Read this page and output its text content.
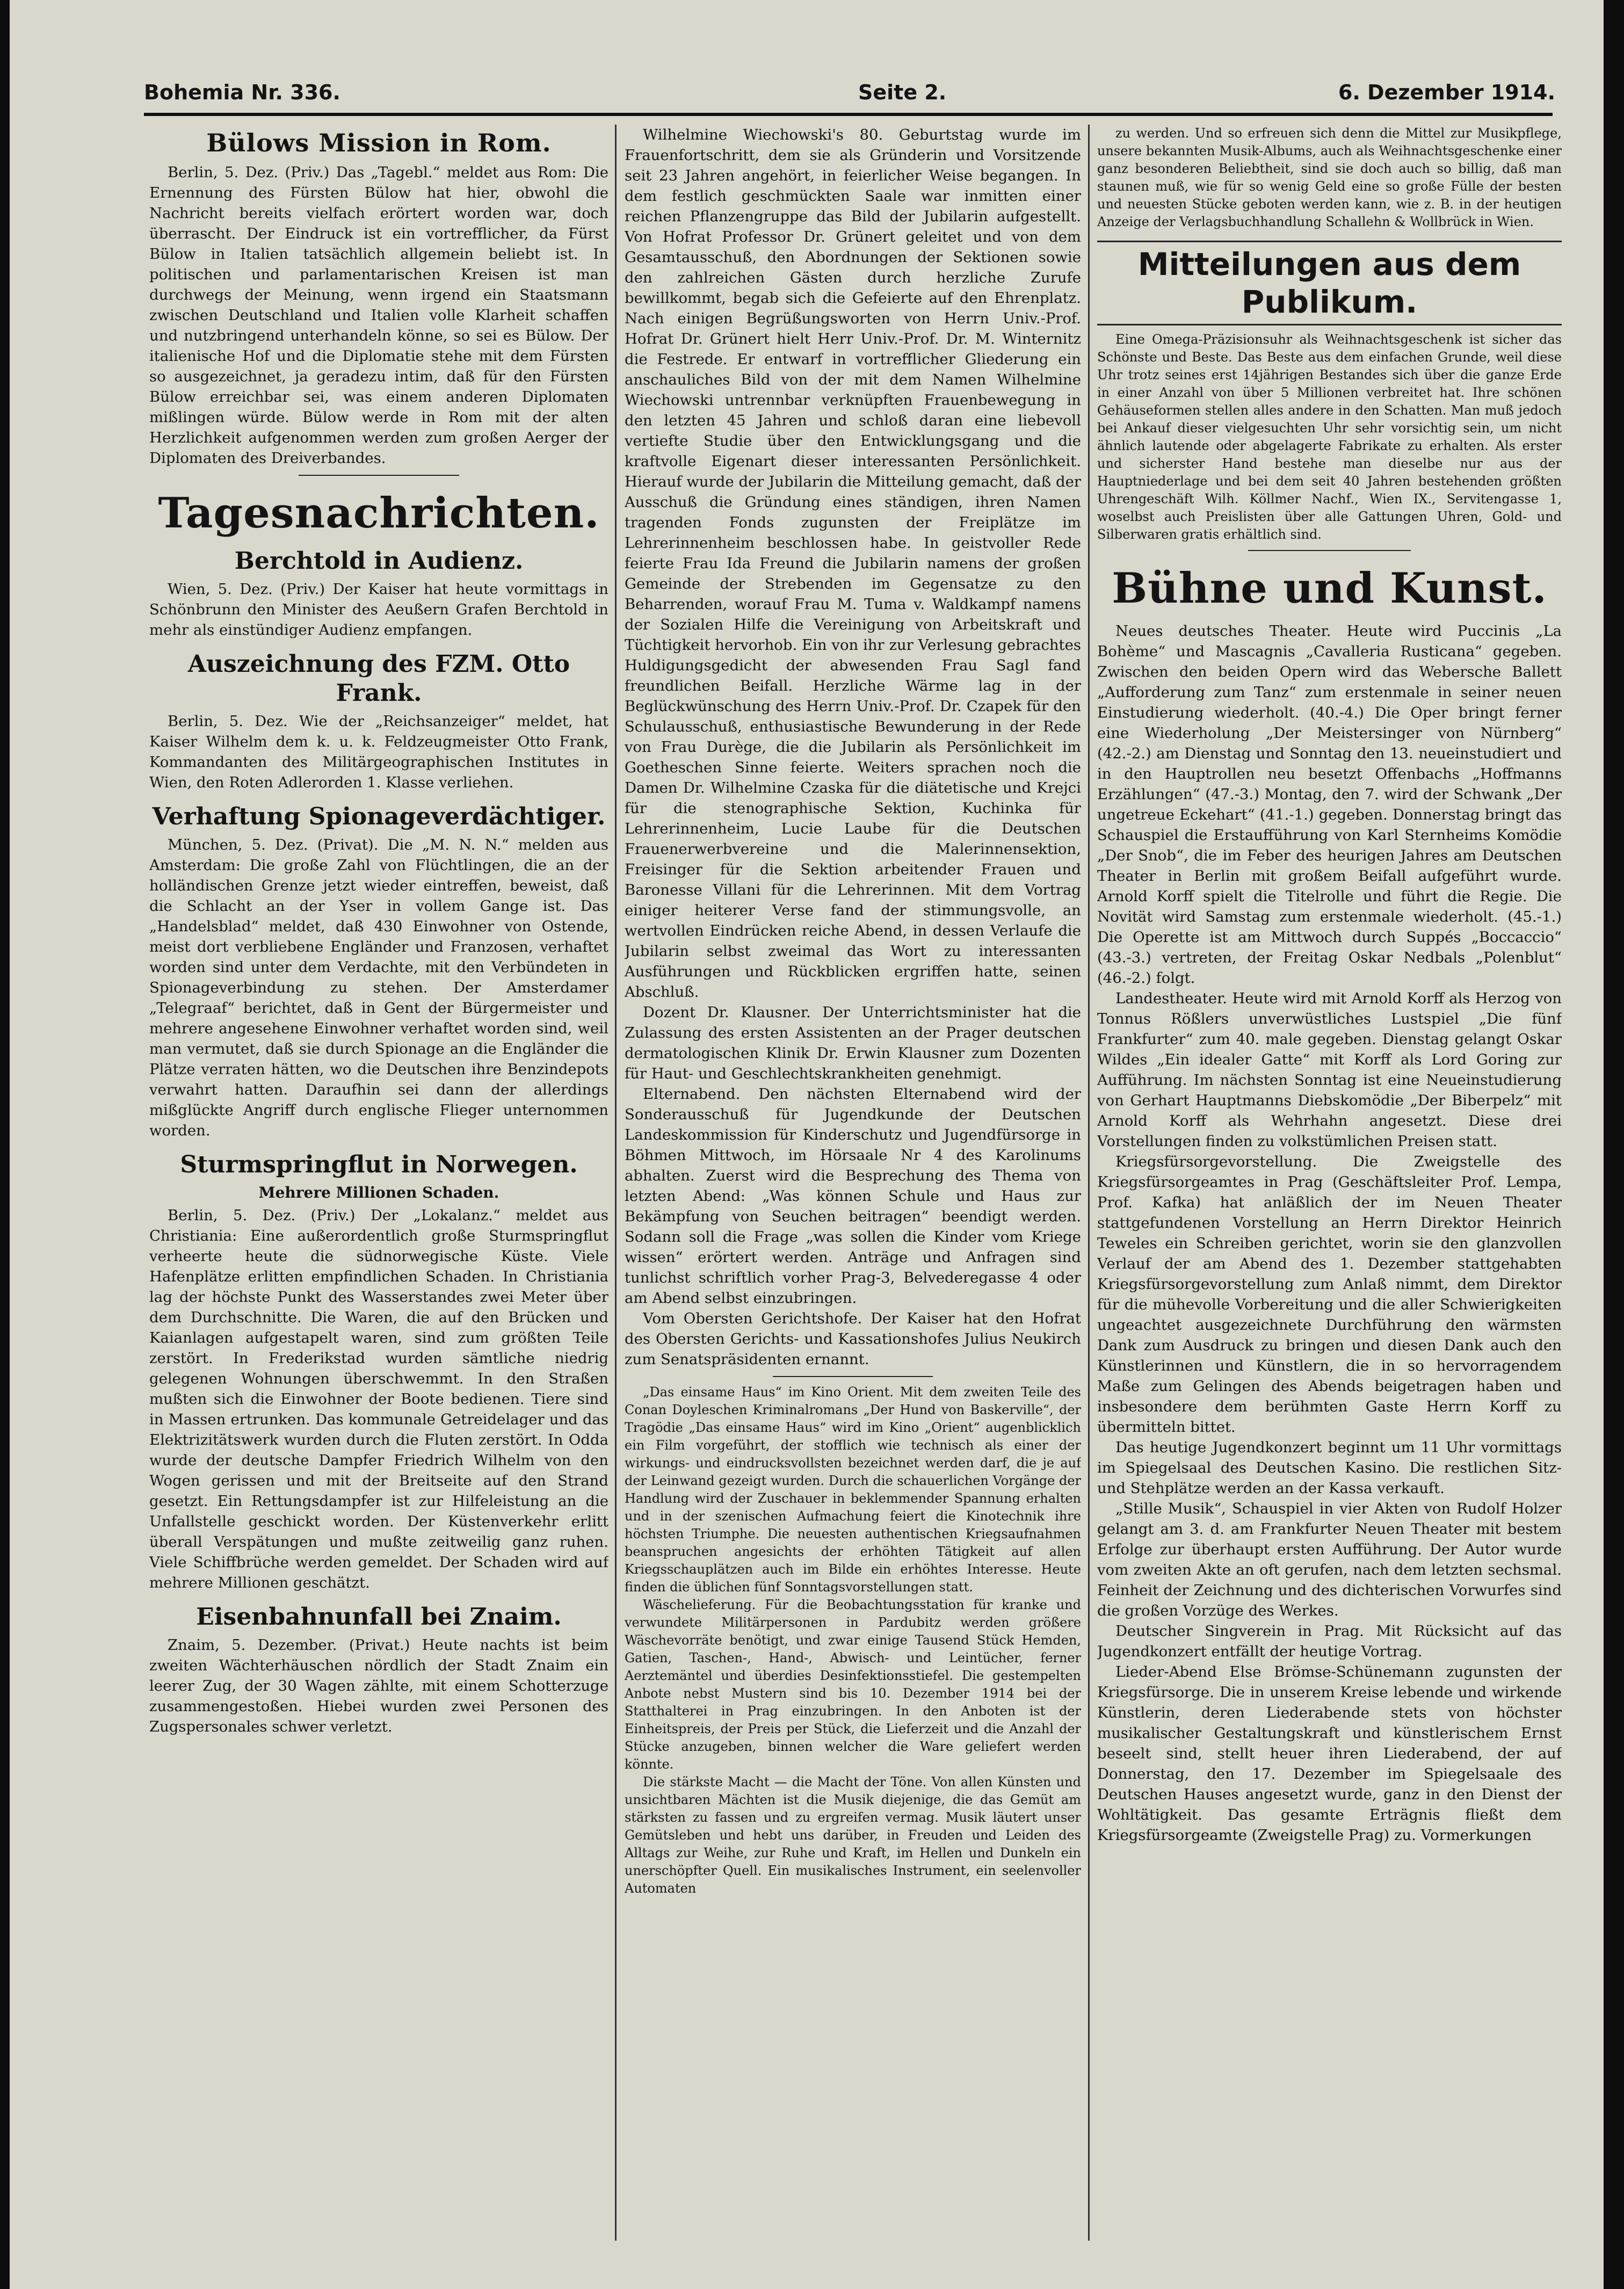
Bohemia Nr. 336.	Seite 2.	6. Dezember 1914.
Bülows Mission in Rom.

Berlin, 5. Dez. (Priv.) Das „Tagebl.“ meldet aus Rom: Die Ernennung des Fürsten Bülow hat hier, obwohl die Nachricht bereits vielfach erörtert worden war, doch überrascht. Der Eindruck ist ein vortrefflicher, da Fürst Bülow in Italien tatsächlich allgemein beliebt ist. In politischen und parlamentarischen Kreisen ist man durchwegs der Meinung, wenn irgend ein Staatsmann zwischen Deutschland und Italien volle Klarheit schaffen und nutzbringend unterhandeln könne, so sei es Bülow. Der italienische Hof und die Diplomatie stehe mit dem Fürsten so ausgezeichnet, ja geradezu intim, daß für den Fürsten Bülow erreichbar sei, was einem anderen Diplomaten mißlingen würde. Bülow werde in Rom mit der alten Herzlichkeit aufgenommen werden zum großen Aerger der Diplomaten des Dreiverbandes.

Tagesnachrichten.
Berchtold in Audienz.

Wien, 5. Dez. (Priv.) Der Kaiser hat heute vormittags in Schönbrunn den Minister des Aeußern Grafen Berchtold in mehr als einstündiger Audienz empfangen.

Auszeichnung des FZM. Otto Frank.

Berlin, 5. Dez. Wie der „Reichsanzeiger“ meldet, hat Kaiser Wilhelm dem k. u. k. Feldzeugmeister Otto Frank, Kommandanten des Militärgeographischen Institutes in Wien, den Roten Adlerorden 1. Klasse verliehen.

Verhaftung Spionageverdächtiger.

München, 5. Dez. (Privat). Die „M. N. N.“ melden aus Amsterdam: Die große Zahl von Flüchtlingen, die an der holländischen Grenze jetzt wieder eintreffen, beweist, daß die Schlacht an der Yser in vollem Gange ist. Das „Handelsblad“ meldet, daß 430 Einwohner von Ostende, meist dort verbliebene Engländer und Franzosen, verhaftet worden sind unter dem Verdachte, mit den Verbündeten in Spionageverbindung zu stehen. Der Amsterdamer „Telegraaf“ berichtet, daß in Gent der Bürgermeister und mehrere angesehene Einwohner verhaftet worden sind, weil man vermutet, daß sie durch Spionage an die Engländer die Plätze verraten hätten, wo die Deutschen ihre Benzindepots verwahrt hatten. Daraufhin sei dann der allerdings mißglückte Angriff durch englische Flieger unternommen worden.

Sturmspringflut in Norwegen.
Mehrere Millionen Schaden.

Berlin, 5. Dez. (Priv.) Der „Lokalanz.“ meldet aus Christiania: Eine außerordentlich große Sturmspringflut verheerte heute die südnorwegische Küste. Viele Hafenplätze erlitten empfindlichen Schaden. In Christiania lag der höchste Punkt des Wasserstandes zwei Meter über dem Durchschnitte. Die Waren, die auf den Brücken und Kaianlagen aufgestapelt waren, sind zum größten Teile zerstört. In Frederikstad wurden sämtliche niedrig gelegenen Wohnungen überschwemmt. In den Straßen mußten sich die Einwohner der Boote bedienen. Tiere sind in Massen ertrunken. Das kommunale Getreidelager und das Elektrizitätswerk wurden durch die Fluten zerstört. In Odda wurde der deutsche Dampfer Friedrich Wilhelm von den Wogen gerissen und mit der Breitseite auf den Strand gesetzt. Ein Rettungsdampfer ist zur Hilfeleistung an die Unfallstelle geschickt worden. Der Küstenverkehr erlitt überall Verspätungen und mußte zeitweilig ganz ruhen. Viele Schiffbrüche werden gemeldet. Der Schaden wird auf mehrere Millionen geschätzt.

Eisenbahnunfall bei Znaim.

Znaim, 5. Dezember. (Privat.) Heute nachts ist beim zweiten Wächterhäuschen nördlich der Stadt Znaim ein leerer Zug, der 30 Wagen zählte, mit einem Schotterzuge zusammengestoßen. Hiebei wurden zwei Personen des Zugspersonales schwer verletzt.

Wilhelmine Wiechowski's 80. Geburtstag wurde im Frauenfortschritt, dem sie als Gründerin und Vorsitzende seit 23 Jahren angehört, in feierlicher Weise begangen. In dem festlich geschmückten Saale war inmitten einer reichen Pflanzengruppe das Bild der Jubilarin aufgestellt. Von Hofrat Professor Dr. Grünert geleitet und von dem Gesamtausschuß, den Abordnungen der Sektionen sowie den zahlreichen Gästen durch herzliche Zurufe bewillkommt, begab sich die Gefeierte auf den Ehrenplatz. Nach einigen Begrüßungsworten von Herrn Univ.-Prof. Hofrat Dr. Grünert hielt Herr Univ.-Prof. Dr. M. Winternitz die Festrede. Er entwarf in vortrefflicher Gliederung ein anschauliches Bild von der mit dem Namen Wilhelmine Wiechowski untrennbar verknüpften Frauenbewegung in den letzten 45 Jahren und schloß daran eine liebevoll vertiefte Studie über den Entwicklungsgang und die kraftvolle Eigenart dieser interessanten Persönlichkeit. Hierauf wurde der Jubilarin die Mitteilung gemacht, daß der Ausschuß die Gründung eines ständigen, ihren Namen tragenden Fonds zugunsten der Freiplätze im Lehrerinnenheim beschlossen habe. In geistvoller Rede feierte Frau Ida Freund die Jubilarin namens der großen Gemeinde der Strebenden im Gegensatze zu den Beharrenden, worauf Frau M. Tuma v. Waldkampf namens der Sozialen Hilfe die Vereinigung von Arbeitskraft und Tüchtigkeit hervorhob. Ein von ihr zur Verlesung gebrachtes Huldigungsgedicht der abwesenden Frau Sagl fand freundlichen Beifall. Herzliche Wärme lag in der Beglückwünschung des Herrn Univ.-Prof. Dr. Czapek für den Schulausschuß, enthusiastische Bewunderung in der Rede von Frau Durège, die die Jubilarin als Persönlichkeit im Goetheschen Sinne feierte. Weiters sprachen noch die Damen Dr. Wilhelmine Czaska für die diätetische und Krejci für die stenographische Sektion, Kuchinka für Lehrerinnenheim, Lucie Laube für die Deutschen Frauenerwerbvereine und die Malerinnensektion, Freisinger für die Sektion arbeitender Frauen und Baronesse Villani für die Lehrerinnen. Mit dem Vortrag einiger heiterer Verse fand der stimmungsvolle, an wertvollen Eindrücken reiche Abend, in dessen Verlaufe die Jubilarin selbst zweimal das Wort zu interessanten Ausführungen und Rückblicken ergriffen hatte, seinen Abschluß.

Dozent Dr. Klausner. Der Unterrichtsminister hat die Zulassung des ersten Assistenten an der Prager deutschen dermatologischen Klinik Dr. Erwin Klausner zum Dozenten für Haut- und Geschlechtskrankheiten genehmigt.

Elternabend. Den nächsten Elternabend wird der Sonderausschuß für Jugendkunde der Deutschen Landeskommission für Kinderschutz und Jugendfürsorge in Böhmen Mittwoch, im Hörsaale Nr 4 des Karolinums abhalten. Zuerst wird die Besprechung des Thema von letzten Abend: „Was können Schule und Haus zur Bekämpfung von Seuchen beitragen“ beendigt werden. Sodann soll die Frage „was sollen die Kinder vom Kriege wissen“ erörtert werden. Anträge und Anfragen sind tunlichst schriftlich vorher Prag-3, Belvederegasse 4 oder am Abend selbst einzubringen.

Vom Obersten Gerichtshofe. Der Kaiser hat den Hofrat des Obersten Gerichts- und Kassationshofes Julius Neukirch zum Senatspräsidenten ernannt.

„Das einsame Haus“ im Kino Orient. Mit dem zweiten Teile des Conan Doyleschen Kriminalromans „Der Hund von Baskerville“, der Tragödie „Das einsame Haus“ wird im Kino „Orient“ augenblicklich ein Film vorgeführt, der stofflich wie technisch als einer der wirkungs- und eindrucksvollsten bezeichnet werden darf, die je auf der Leinwand gezeigt wurden. Durch die schauerlichen Vorgänge der Handlung wird der Zuschauer in beklemmender Spannung erhalten und in der szenischen Aufmachung feiert die Kinotechnik ihre höchsten Triumphe. Die neuesten authentischen Kriegsaufnahmen beanspruchen angesichts der erhöhten Tätigkeit auf allen Kriegsschauplätzen auch im Bilde ein erhöhtes Interesse. Heute finden die üblichen fünf Sonntagsvorstellungen statt.

Wäschelieferung. Für die Beobachtungsstation für kranke und verwundete Militärpersonen in Pardubitz werden größere Wäschevorräte benötigt, und zwar einige Tausend Stück Hemden, Gatien, Taschen-, Hand-, Abwisch- und Leintücher, ferner Aerztemäntel und überdies Desinfektionsstiefel. Die gestempelten Anbote nebst Mustern sind bis 10. Dezember 1914 bei der Statthalterei in Prag einzubringen. In den Anboten ist der Einheitspreis, der Preis per Stück, die Lieferzeit und die Anzahl der Stücke anzugeben, binnen welcher die Ware geliefert werden könnte.

Die stärkste Macht — die Macht der Töne. Von allen Künsten und unsichtbaren Mächten ist die Musik diejenige, die das Gemüt am stärksten zu fassen und zu ergreifen vermag. Musik läutert unser Gemütsleben und hebt uns darüber, in Freuden und Leiden des Alltags zur Weihe, zur Ruhe und Kraft, im Hellen und Dunkeln ein unerschöpfter Quell. Ein musikalisches Instrument, ein seelenvoller Automaten

zu werden. Und so erfreuen sich denn die Mittel zur Musikpflege, unsere bekannten Musik-Albums, auch als Weihnachtsgeschenke einer ganz besonderen Beliebtheit, sind sie doch auch so billig, daß man staunen muß, wie für so wenig Geld eine so große Fülle der besten und neuesten Stücke geboten werden kann, wie z. B. in der heutigen Anzeige der Verlagsbuchhandlung Schallehn & Wollbrück in Wien.

Mitteilungen aus dem Publikum.

Eine Omega-Präzisionsuhr als Weihnachtsgeschenk ist sicher das Schönste und Beste. Das Beste aus dem einfachen Grunde, weil diese Uhr trotz seines erst 14jährigen Bestandes sich über die ganze Erde in einer Anzahl von über 5 Millionen verbreitet hat. Ihre schönen Gehäuseformen stellen alles andere in den Schatten. Man muß jedoch bei Ankauf dieser vielgesuchten Uhr sehr vorsichtig sein, um nicht ähnlich lautende oder abgelagerte Fabrikate zu erhalten. Als erster und sicherster Hand bestehe man dieselbe nur aus der Hauptniederlage und bei dem seit 40 Jahren bestehenden größten Uhrengeschäft Wilh. Köllmer Nachf., Wien IX., Servitengasse 1, woselbst auch Preislisten über alle Gattungen Uhren, Gold- und Silberwaren gratis erhältlich sind.

Bühne und Kunst.

Neues deutsches Theater. Heute wird Puccinis „La Bohème“ und Mascagnis „Cavalleria Rusticana“ gegeben. Zwischen den beiden Opern wird das Webersche Ballett „Aufforderung zum Tanz“ zum erstenmale in seiner neuen Einstudierung wiederholt. (40.-4.) Die Oper bringt ferner eine Wiederholung „Der Meistersinger von Nürnberg“ (42.-2.) am Dienstag und Sonntag den 13. neueinstudiert und in den Hauptrollen neu besetzt Offenbachs „Hoffmanns Erzählungen“ (47.-3.) Montag, den 7. wird der Schwank „Der ungetreue Eckehart“ (41.-1.) gegeben. Donnerstag bringt das Schauspiel die Erstaufführung von Karl Sternheims Komödie „Der Snob“, die im Feber des heurigen Jahres am Deutschen Theater in Berlin mit großem Beifall aufgeführt wurde. Arnold Korff spielt die Titelrolle und führt die Regie. Die Novität wird Samstag zum erstenmale wiederholt. (45.-1.) Die Operette ist am Mittwoch durch Suppés „Boccaccio“ (43.-3.) vertreten, der Freitag Oskar Nedbals „Polenblut“ (46.-2.) folgt.

Landestheater. Heute wird mit Arnold Korff als Herzog von Tonnus Rößlers unverwüstliches Lustspiel „Die fünf Frankfurter“ zum 40. male gegeben. Dienstag gelangt Oskar Wildes „Ein idealer Gatte“ mit Korff als Lord Goring zur Aufführung. Im nächsten Sonntag ist eine Neueinstudierung von Gerhart Hauptmanns Diebskomödie „Der Biberpelz“ mit Arnold Korff als Wehrhahn angesetzt. Diese drei Vorstellungen finden zu volkstümlichen Preisen statt.

Kriegsfürsorgevorstellung. Die Zweigstelle des Kriegsfürsorgeamtes in Prag (Geschäftsleiter Prof. Lempa, Prof. Kafka) hat anläßlich der im Neuen Theater stattgefundenen Vorstellung an Herrn Direktor Heinrich Teweles ein Schreiben gerichtet, worin sie den glanzvollen Verlauf der am Abend des 1. Dezember stattgehabten Kriegsfürsorgevorstellung zum Anlaß nimmt, dem Direktor für die mühevolle Vorbereitung und die aller Schwierigkeiten ungeachtet ausgezeichnete Durchführung den wärmsten Dank zum Ausdruck zu bringen und diesen Dank auch den Künstlerinnen und Künstlern, die in so hervorragendem Maße zum Gelingen des Abends beigetragen haben und insbesondere dem berühmten Gaste Herrn Korff zu übermitteln bittet.

Das heutige Jugendkonzert beginnt um 11 Uhr vormittags im Spiegelsaal des Deutschen Kasino. Die restlichen Sitz- und Stehplätze werden an der Kassa verkauft.

„Stille Musik“, Schauspiel in vier Akten von Rudolf Holzer gelangt am 3. d. am Frankfurter Neuen Theater mit bestem Erfolge zur überhaupt ersten Aufführung. Der Autor wurde vom zweiten Akte an oft gerufen, nach dem letzten sechsmal. Feinheit der Zeichnung und des dichterischen Vorwurfes sind die großen Vorzüge des Werkes.

Deutscher Singverein in Prag. Mit Rücksicht auf das Jugendkonzert entfällt der heutige Vortrag.

Lieder-Abend Else Brömse-Schünemann zugunsten der Kriegsfürsorge. Die in unserem Kreise lebende und wirkende Künstlerin, deren Liederabende stets von höchster musikalischer Gestaltungskraft und künstlerischem Ernst beseelt sind, stellt heuer ihren Liederabend, der auf Donnerstag, den 17. Dezember im Spiegelsaale des Deutschen Hauses angesetzt wurde, ganz in den Dienst der Wohltätigkeit. Das gesamte Erträgnis fließt dem Kriegsfürsorgeamte (Zweigstelle Prag) zu. Vormerkungen
